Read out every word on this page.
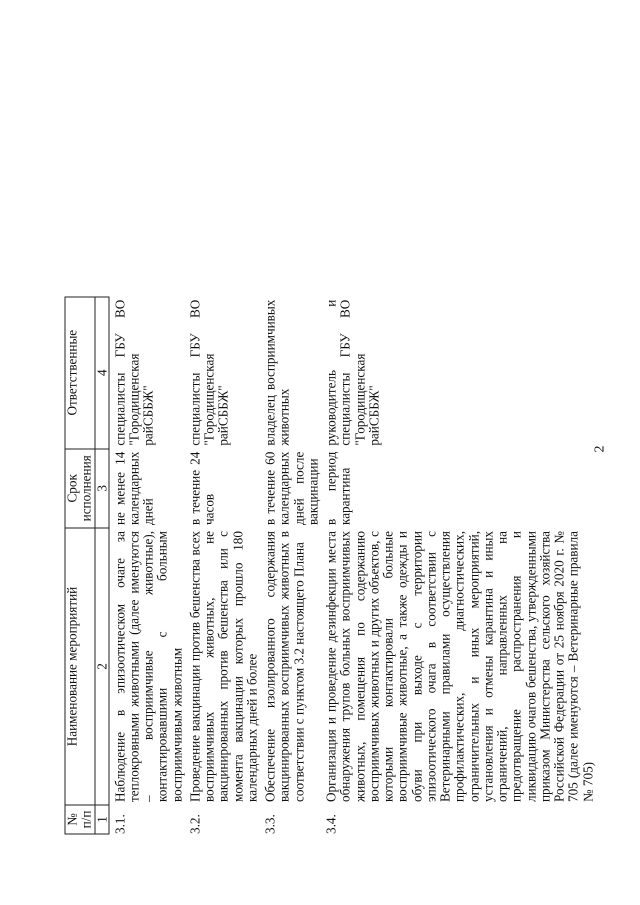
2
№ п/п	Наименование мероприятий	Срок исполнения	Ответственные
1	2	3	4
3.1.	Наблюдение в эпизоотическом очаге за теплокровными животными (далее именуются – восприимчивые животные), контактировавшими с больным восприимчивым животным	не менее 14 календарных дней	специалисты ГБУ ВО "Городищенская райСББЖ"
3.2.	Проведение вакцинации против бешенства всех восприимчивых животных, не вакцинированных против бешенства или с момента вакцинации которых прошло 180 календарных дней и более	в течение 24 часов	специалисты ГБУ ВО "Городищенская райСББЖ"
3.3.	Обеспечение изолированного содержания вакцинированных восприимчивых животных в соответствии с пунктом 3.2 настоящего Плана	в течение 60 календарных дней после вакцинации	владелец восприимчивых животных
3.4.	Организация и проведение дезинфекции места обнаружения трупов больных восприимчивых животных, помещения по содержанию восприимчивых животных и других объектов, с которыми контактировали больные восприимчивые животные, а также одежды и обуви при выходе с территории эпизоотического очага в соответствии с Ветеринарными правилами осуществления профилактических, диагностических, ограничительных и иных мероприятий, установления и отмены карантина и иных ограничений, направленных на предотвращение распространения и ликвидацию очагов бешенства, утвержденными приказом Министерства сельского хозяйства Российской Федерации от 25 ноября 2020 г. № 705 (далее именуются – Ветеринарные правила № 705)	в период карантина	руководитель и специалисты ГБУ ВО "Городищенская райСББЖ"
